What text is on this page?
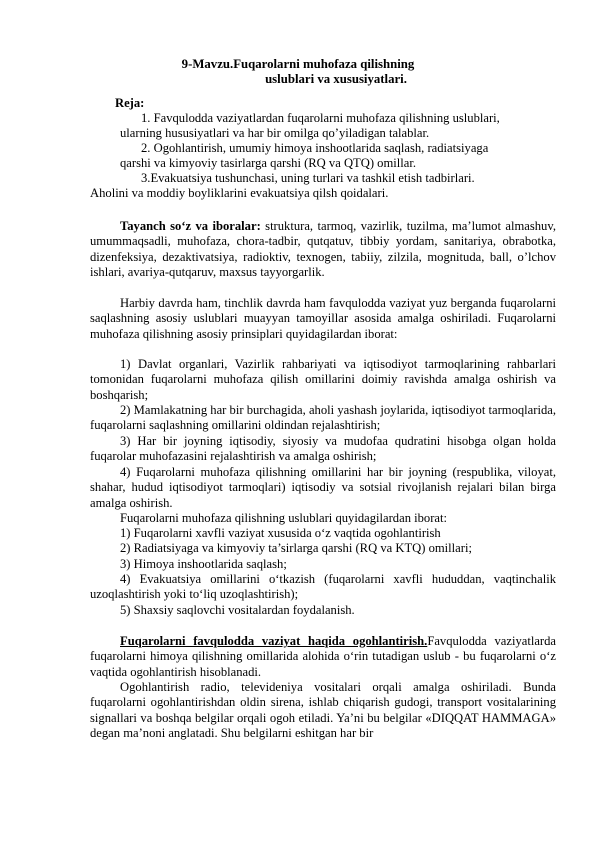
9-Mavzu.Fuqarolarni muhofaza qilishning
uslublari va xususiyatlari.
Reja:
1. Favqulodda vaziyatlardan fuqarolarni muhofaza qilishning uslublari,
ularning hususiyatlari va har bir omilga qo’yiladigan talablar.
2. Ogohlantirish, umumiy himoya inshootlarida saqlash, radiatsiyaga
qarshi va kimyoviy tasirlarga qarshi (RQ va QTQ) omillar.
3.Evakuatsiya tushunchasi, uning turlari va tashkil etish tadbirlari.
Aholini va moddiy boyliklarini evakuatsiya qilsh qoidalari.
Tayanch so‘z va iboralar: struktura, tarmoq, vazirlik, tuzilma, ma’lumot almashuv, umummaqsadli, muhofaza, chora-tadbir, qutqatuv, tibbiy yordam, sanitariya, obrabotka, dizenfeksiya, dezaktivatsiya, radioktiv, texnogen, tabiiy, zilzila, mognituda, ball, o’lchov ishlari, avariya-qutqaruv, maxsus tayyorgarlik.
Harbiy davrda ham, tinchlik davrda ham favqulodda vaziyat yuz berganda fuqarolarni saqlashning asosiy uslublari muayyan tamoyillar asosida amalga oshiriladi. Fuqarolarni muhofaza qilishning asosiy prinsiplari quyidagilardan iborat:
1) Davlat organlari, Vazirlik rahbariyati va iqtisodiyot tarmoqlarining rahbarlari tomonidan fuqarolarni muhofaza qilish omillarini doimiy ravishda amalga oshirish va boshqarish;
2) Mamlakatning har bir burchagida, aholi yashash joylarida, iqtisodiyot tarmoqlarida, fuqarolarni saqlashning omillarini oldindan rejalashtirish;
3) Har bir joyning iqtisodiy, siyosiy va mudofaa qudratini hisobga olgan holda fuqarolar muhofazasini rejalashtirish va amalga oshirish;
4) Fuqarolarni muhofaza qilishning omillarini har bir joyning (respublika, viloyat, shahar, hudud iqtisodiyot tarmoqlari) iqtisodiy va sotsial rivojlanish rejalari bilan birga amalga oshirish.
Fuqarolarni muhofaza qilishning uslublari quyidagilardan iborat:
1) Fuqarolarni xavfli vaziyat xususida o‘z vaqtida ogohlantirish
2) Radiatsiyaga va kimyoviy ta’sirlarga qarshi (RQ va KTQ) omillari;
3) Himoya inshootlarida saqlash;
4) Evakuatsiya omillarini o‘tkazish (fuqarolarni xavfli hududdan, vaqtinchalik uzoqlashtirish yoki to‘liq uzoqlashtirish);
5) Shaxsiy saqlovchi vositalardan foydalanish.
Fuqarolarni favqulodda vaziyat haqida ogohlantirish.Favqulodda vaziyatlarda fuqarolarni himoya qilishning omillarida alohida o‘rin tutadigan uslub - bu fuqarolarni o‘z vaqtida ogohlantirish hisoblanadi.
Ogohlantirish radio, televideniya vositalari orqali amalga oshiriladi. Bunda fuqarolarni ogohlantirishdan oldin sirena, ishlab chiqarish gudogi, transport vositalarining signallari va boshqa belgilar orqali ogoh etiladi. Ya’ni bu belgilar «DIQQAT HAMMAGA» degan ma’noni anglatadi. Shu belgilarni eshitgan har bir
